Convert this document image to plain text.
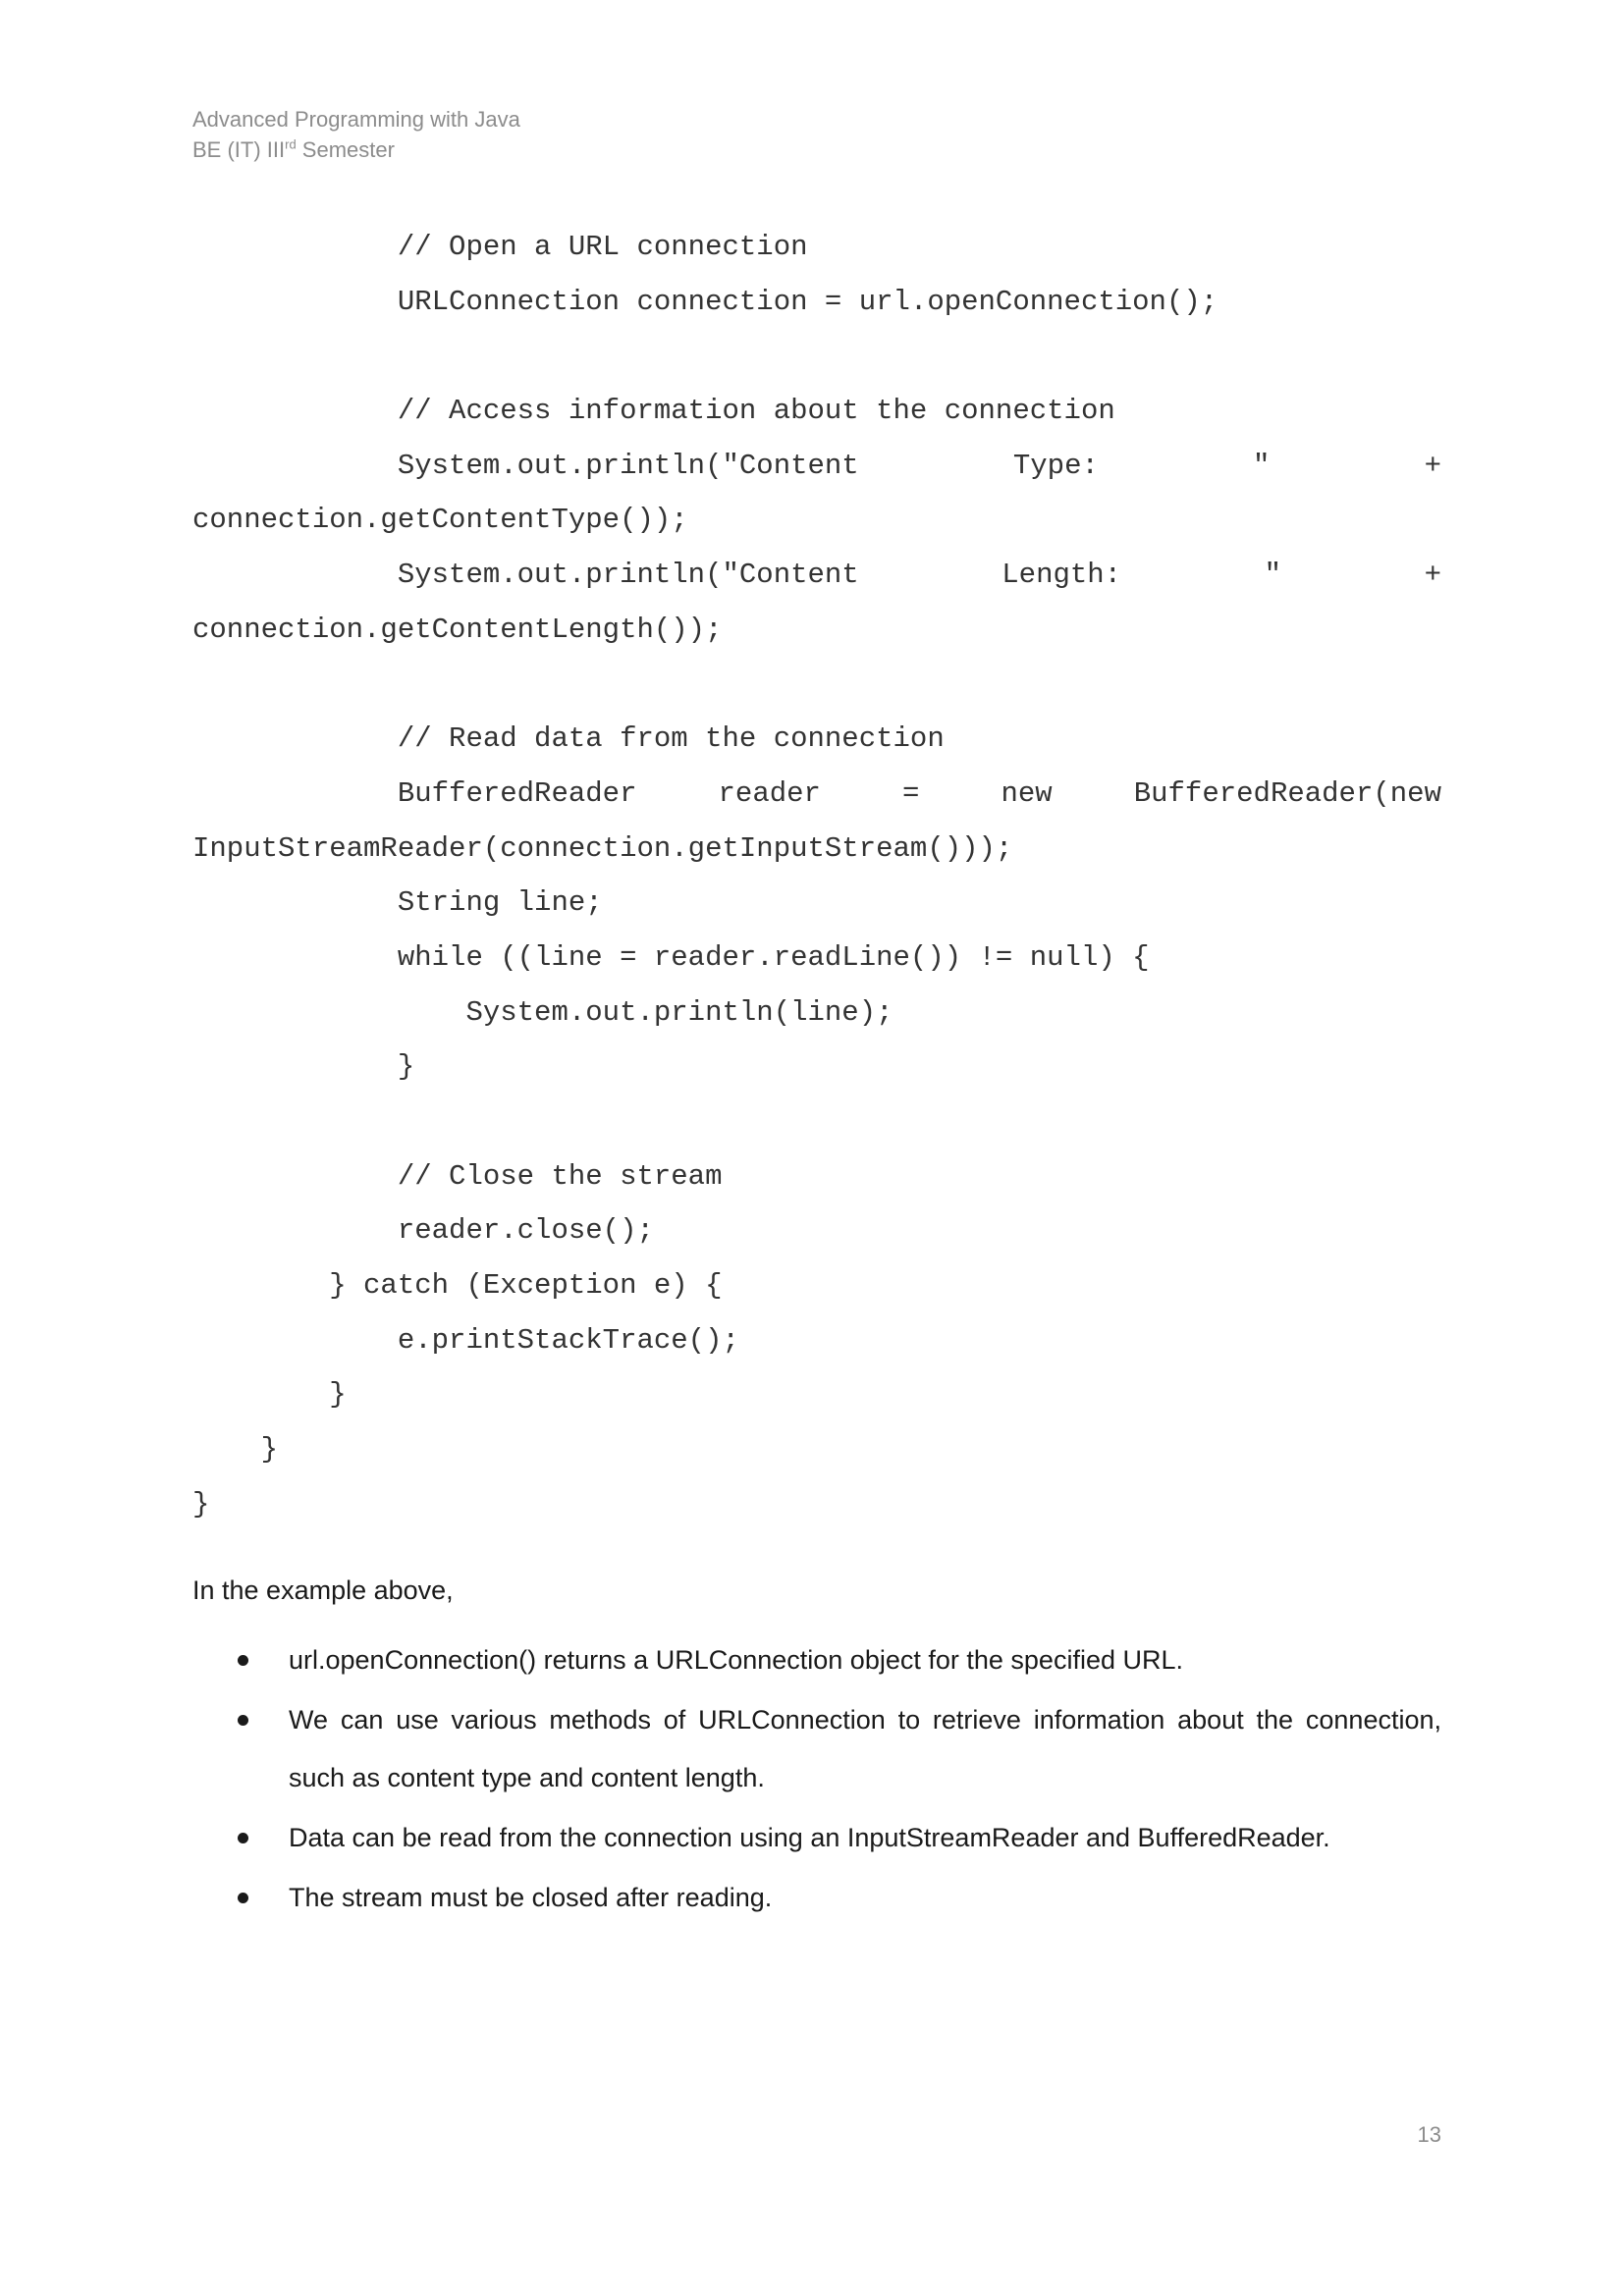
Advanced Programming with Java
BE (IT) IIIrd Semester
// Open a URL connection
URLConnection connection = url.openConnection();
// Access information about the connection
System.out.println("Content	Type:	"	+
connection.getContentType());
System.out.println("Content	Length:	"	+
connection.getContentLength());
// Read data from the connection
BufferedReader	reader	=	new	BufferedReader(new
InputStreamReader(connection.getInputStream()));
String line;
while ((line = reader.readLine()) != null) {
System.out.println(line);
}
// Close the stream
reader.close();
} catch (Exception e) {
e.printStackTrace();
}
}
}
In the example above,
url.openConnection() returns a URLConnection object for the specified URL.
We can use various methods of URLConnection to retrieve information about the connection, such as content type and content length.
Data can be read from the connection using an InputStreamReader and BufferedReader.
The stream must be closed after reading.
13
